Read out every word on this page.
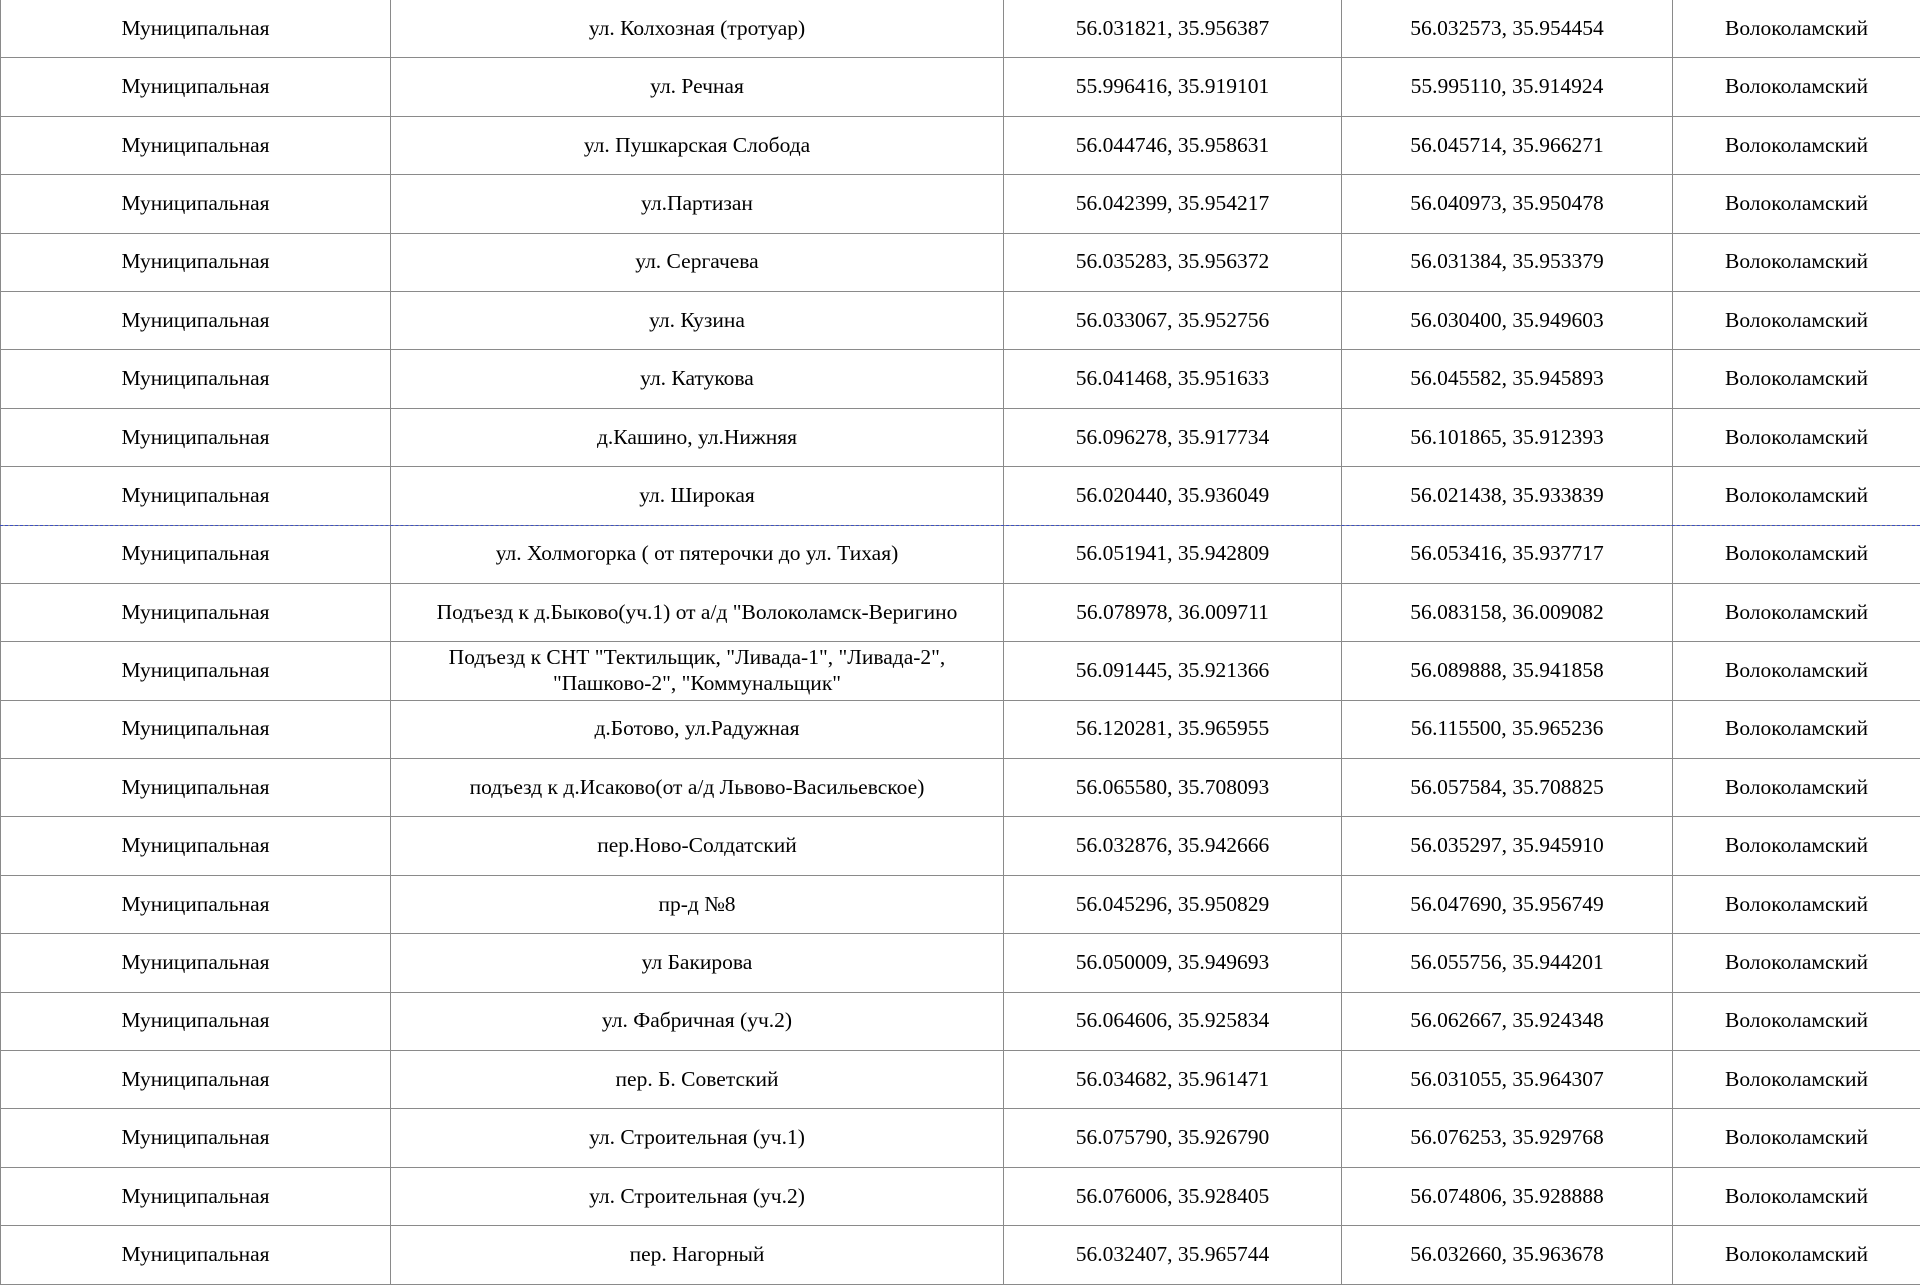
Муниципальная	ул. Колхозная (тротуар)	56.031821, 35.956387	56.032573, 35.954454	Волоколамский
Муниципальная	ул. Речная	55.996416, 35.919101	55.995110, 35.914924	Волоколамский
Муниципальная	ул. Пушкарская Слобода	56.044746, 35.958631	56.045714, 35.966271	Волоколамский
Муниципальная	ул.Партизан	56.042399, 35.954217	56.040973, 35.950478	Волоколамский
Муниципальная	ул. Сергачева	56.035283, 35.956372	56.031384, 35.953379	Волоколамский
Муниципальная	ул. Кузина	56.033067, 35.952756	56.030400, 35.949603	Волоколамский
Муниципальная	ул. Катукова	56.041468, 35.951633	56.045582, 35.945893	Волоколамский
Муниципальная	д.Кашино, ул.Нижняя	56.096278, 35.917734	56.101865, 35.912393	Волоколамский
Муниципальная	ул. Широкая	56.020440, 35.936049	56.021438, 35.933839	Волоколамский
Муниципальная	ул. Холмогорка ( от пятерочки до ул. Тихая)	56.051941, 35.942809	56.053416, 35.937717	Волоколамский
Муниципальная	Подъезд к д.Быково(уч.1) от а/д "Волоколамск-Веригино	56.078978, 36.009711	56.083158, 36.009082	Волоколамский
Муниципальная	Подъезд к СНТ "Тектильщик, "Ливада-1", "Ливада-2", "Пашково-2", "Коммунальщик"	56.091445, 35.921366	56.089888, 35.941858	Волоколамский
Муниципальная	д.Ботово, ул.Радужная	56.120281, 35.965955	56.115500, 35.965236	Волоколамский
Муниципальная	подъезд к д.Исаково(от а/д Львово-Васильевское)	56.065580, 35.708093	56.057584, 35.708825	Волоколамский
Муниципальная	пер.Ново-Солдатский	56.032876, 35.942666	56.035297, 35.945910	Волоколамский
Муниципальная	пр-д №8	56.045296, 35.950829	56.047690, 35.956749	Волоколамский
Муниципальная	ул Бакирова	56.050009, 35.949693	56.055756, 35.944201	Волоколамский
Муниципальная	ул. Фабричная (уч.2)	56.064606, 35.925834	56.062667, 35.924348	Волоколамский
Муниципальная	пер. Б. Советский	56.034682, 35.961471	56.031055, 35.964307	Волоколамский
Муниципальная	ул. Строительная (уч.1)	56.075790, 35.926790	56.076253, 35.929768	Волоколамский
Муниципальная	ул. Строительная (уч.2)	56.076006, 35.928405	56.074806, 35.928888	Волоколамский
Муниципальная	пер. Нагорный	56.032407, 35.965744	56.032660, 35.963678	Волоколамский
